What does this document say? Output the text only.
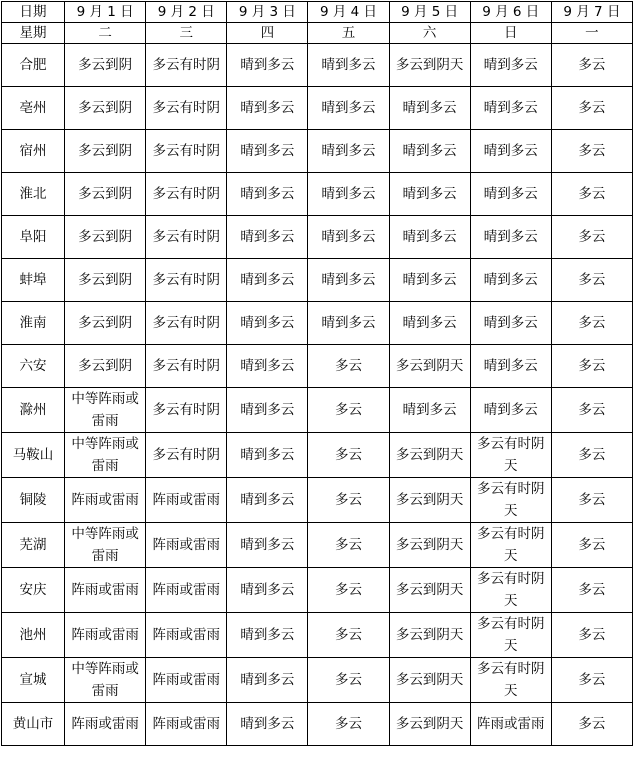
日期	9 月 1 日	9 月 2 日	9 月 3 日	9 月 4 日	9 月 5 日	9 月 6 日	9 月 7 日
星期	二	三	四	五	六	日	一
合肥	多云到阴	多云有时阴	晴到多云	晴到多云	多云到阴天	晴到多云	多云
亳州	多云到阴	多云有时阴	晴到多云	晴到多云	晴到多云	晴到多云	多云
宿州	多云到阴	多云有时阴	晴到多云	晴到多云	晴到多云	晴到多云	多云
淮北	多云到阴	多云有时阴	晴到多云	晴到多云	晴到多云	晴到多云	多云
阜阳	多云到阴	多云有时阴	晴到多云	晴到多云	晴到多云	晴到多云	多云
蚌埠	多云到阴	多云有时阴	晴到多云	晴到多云	晴到多云	晴到多云	多云
淮南	多云到阴	多云有时阴	晴到多云	晴到多云	晴到多云	晴到多云	多云
六安	多云到阴	多云有时阴	晴到多云	多云	多云到阴天	晴到多云	多云
滁州	中等阵雨或雷雨	多云有时阴	晴到多云	多云	晴到多云	晴到多云	多云
马鞍山	中等阵雨或雷雨	多云有时阴	晴到多云	多云	多云到阴天	多云有时阴天	多云
铜陵	阵雨或雷雨	阵雨或雷雨	晴到多云	多云	多云到阴天	多云有时阴天	多云
芜湖	中等阵雨或雷雨	阵雨或雷雨	晴到多云	多云	多云到阴天	多云有时阴天	多云
安庆	阵雨或雷雨	阵雨或雷雨	晴到多云	多云	多云到阴天	多云有时阴天	多云
池州	阵雨或雷雨	阵雨或雷雨	晴到多云	多云	多云到阴天	多云有时阴天	多云
宣城	中等阵雨或雷雨	阵雨或雷雨	晴到多云	多云	多云到阴天	多云有时阴天	多云
黄山市	阵雨或雷雨	阵雨或雷雨	晴到多云	多云	多云到阴天	阵雨或雷雨	多云
